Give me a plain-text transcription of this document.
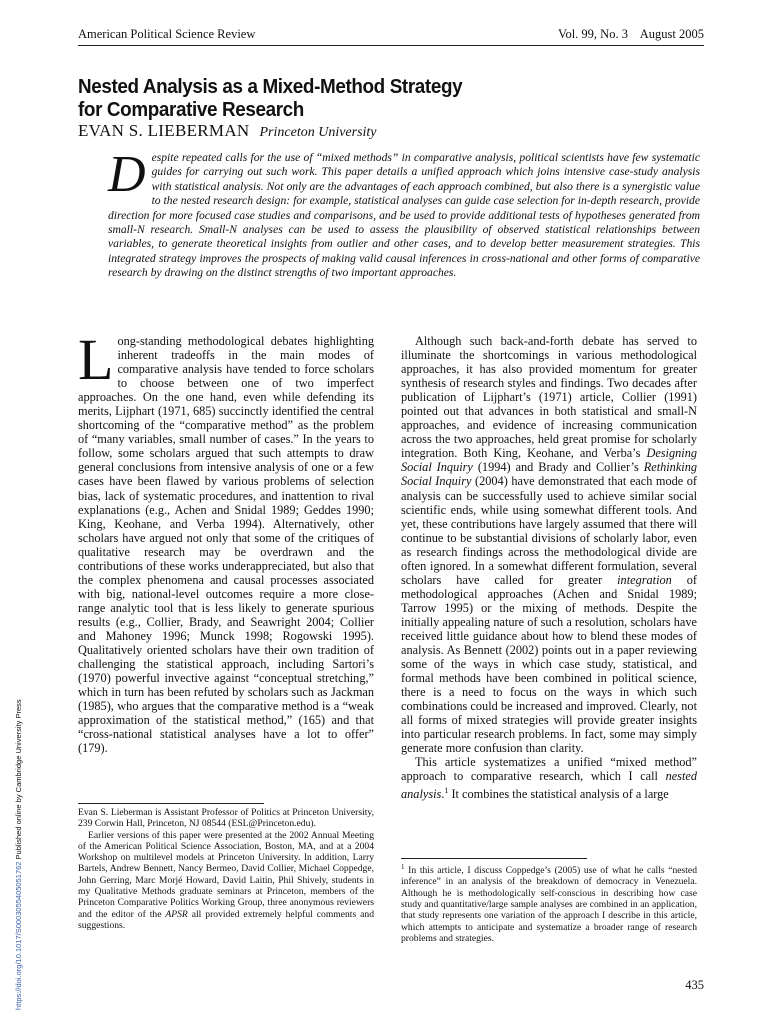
American Political Science Review	Vol. 99, No. 3    August 2005
Nested Analysis as a Mixed-Method Strategy
for Comparative Research
EVAN S. LIEBERMAN Princeton University
Despite repeated calls for the use of “mixed methods” in comparative analysis, political scientists have few systematic guides for carrying out such work. This paper details a unified approach which joins intensive case-study analysis with statistical analysis. Not only are the advantages of each approach combined, but also there is a synergistic value to the nested research design: for example, statistical analyses can guide case selection for in-depth research, provide direction for more focused case studies and comparisons, and be used to provide additional tests of hypotheses generated from small-N research. Small-N analyses can be used to assess the plausibility of observed statistical relationships between variables, to generate theoretical insights from outlier and other cases, and to develop better measurement strategies. This integrated strategy improves the prospects of making valid causal inferences in cross-national and other forms of comparative research by drawing on the distinct strengths of two important approaches.

Long-standing methodological debates highlighting inherent tradeoffs in the main modes of comparative analysis have tended to force scholars to choose between one of two imperfect approaches. On the one hand, even while defending its merits, Lijphart (1971, 685) succinctly identified the central shortcoming of the “comparative method” as the problem of “many variables, small number of cases.” In the years to follow, some scholars argued that such attempts to draw general conclusions from intensive analysis of one or a few cases have been flawed by various problems of selection bias, lack of systematic procedures, and inattention to rival explanations (e.g., Achen and Snidal 1989; Geddes 1990; King, Keohane, and Verba 1994). Alternatively, other scholars have argued not only that some of the critiques of qualitative research may be overdrawn and the contributions of these works underappreciated, but also that the complex phenomena and causal processes associated with big, national-level outcomes require a more close-range analytic tool that is less likely to generate spurious results (e.g., Collier, Brady, and Seawright 2004; Collier and Mahoney 1996; Munck 1998; Rogowski 1995). Qualitatively oriented scholars have their own tradition of challenging the statistical approach, including Sartori’s (1970) powerful invective against “conceptual stretching,” which in turn has been refuted by scholars such as Jackman (1985), who argues that the comparative method is a “weak approximation of the statistical method,” (165) and that “cross-national statistical analyses have a lot to offer” (179).

Although such back-and-forth debate has served to illuminate the shortcomings in various methodological approaches, it has also provided momentum for greater synthesis of research styles and findings. Two decades after publication of Lijphart’s (1971) article, Collier (1991) pointed out that advances in both statistical and small-N approaches, and evidence of increasing communication across the two approaches, held great promise for scholarly integration. Both King, Keohane, and Verba’s Designing Social Inquiry (1994) and Brady and Collier’s Rethinking Social Inquiry (2004) have demonstrated that each mode of analysis can be successfully used to achieve similar social scientific ends, while using somewhat different tools. And yet, these contributions have largely assumed that there will continue to be substantial divisions of scholarly labor, even as research findings across the methodological divide are often ignored. In a somewhat different formulation, several scholars have called for greater integration of methodological approaches (Achen and Snidal 1989; Tarrow 1995) or the mixing of methods. Despite the initially appealing nature of such a resolution, scholars have received little guidance about how to blend these modes of analysis. As Bennett (2002) points out in a paper reviewing some of the ways in which case study, statistical, and formal methods have been combined in political science, there is a need to focus on the ways in which such combinations could be increased and improved. Clearly, not all forms of mixed strategies will provide greater insights into particular research problems. In fact, some may simply generate more confusion than clarity.

This article systematizes a unified “mixed method” approach to comparative research, which I call nested analysis.$^1$ It combines the statistical analysis of a large

Evan S. Lieberman is Assistant Professor of Politics at Princeton University, 239 Corwin Hall, Princeton, NJ 08544 (ESL@Princeton.edu).

Earlier versions of this paper were presented at the 2002 Annual Meeting of the American Political Science Association, Boston, MA, and at a 2004 Workshop on multilevel models at Princeton University. In addition, Larry Bartels, Andrew Bennett, Nancy Bermeo, David Collier, Michael Coppedge, John Gerring, Marc Morjé Howard, David Laitin, Phil Shively, students in my Qualitative Methods graduate seminars at Princeton, members of the Princeton Comparative Politics Working Group, three anonymous reviewers and the editor of the APSR all provided extremely helpful comments and suggestions.

$^1$ In this article, I discuss Coppedge’s (2005) use of what he calls “nested inference” in an analysis of the breakdown of democracy in Venezuela. Although he is methodologically self-conscious in describing how case study and quantitative/large sample analyses are combined in an application, that study represents one variation of the approach I describe in this article, which attempts to anticipate and systematize a broader range of research problems and strategies.

435
https://doi.org/10.1017/S0003055405051762 Published online by Cambridge University Press
